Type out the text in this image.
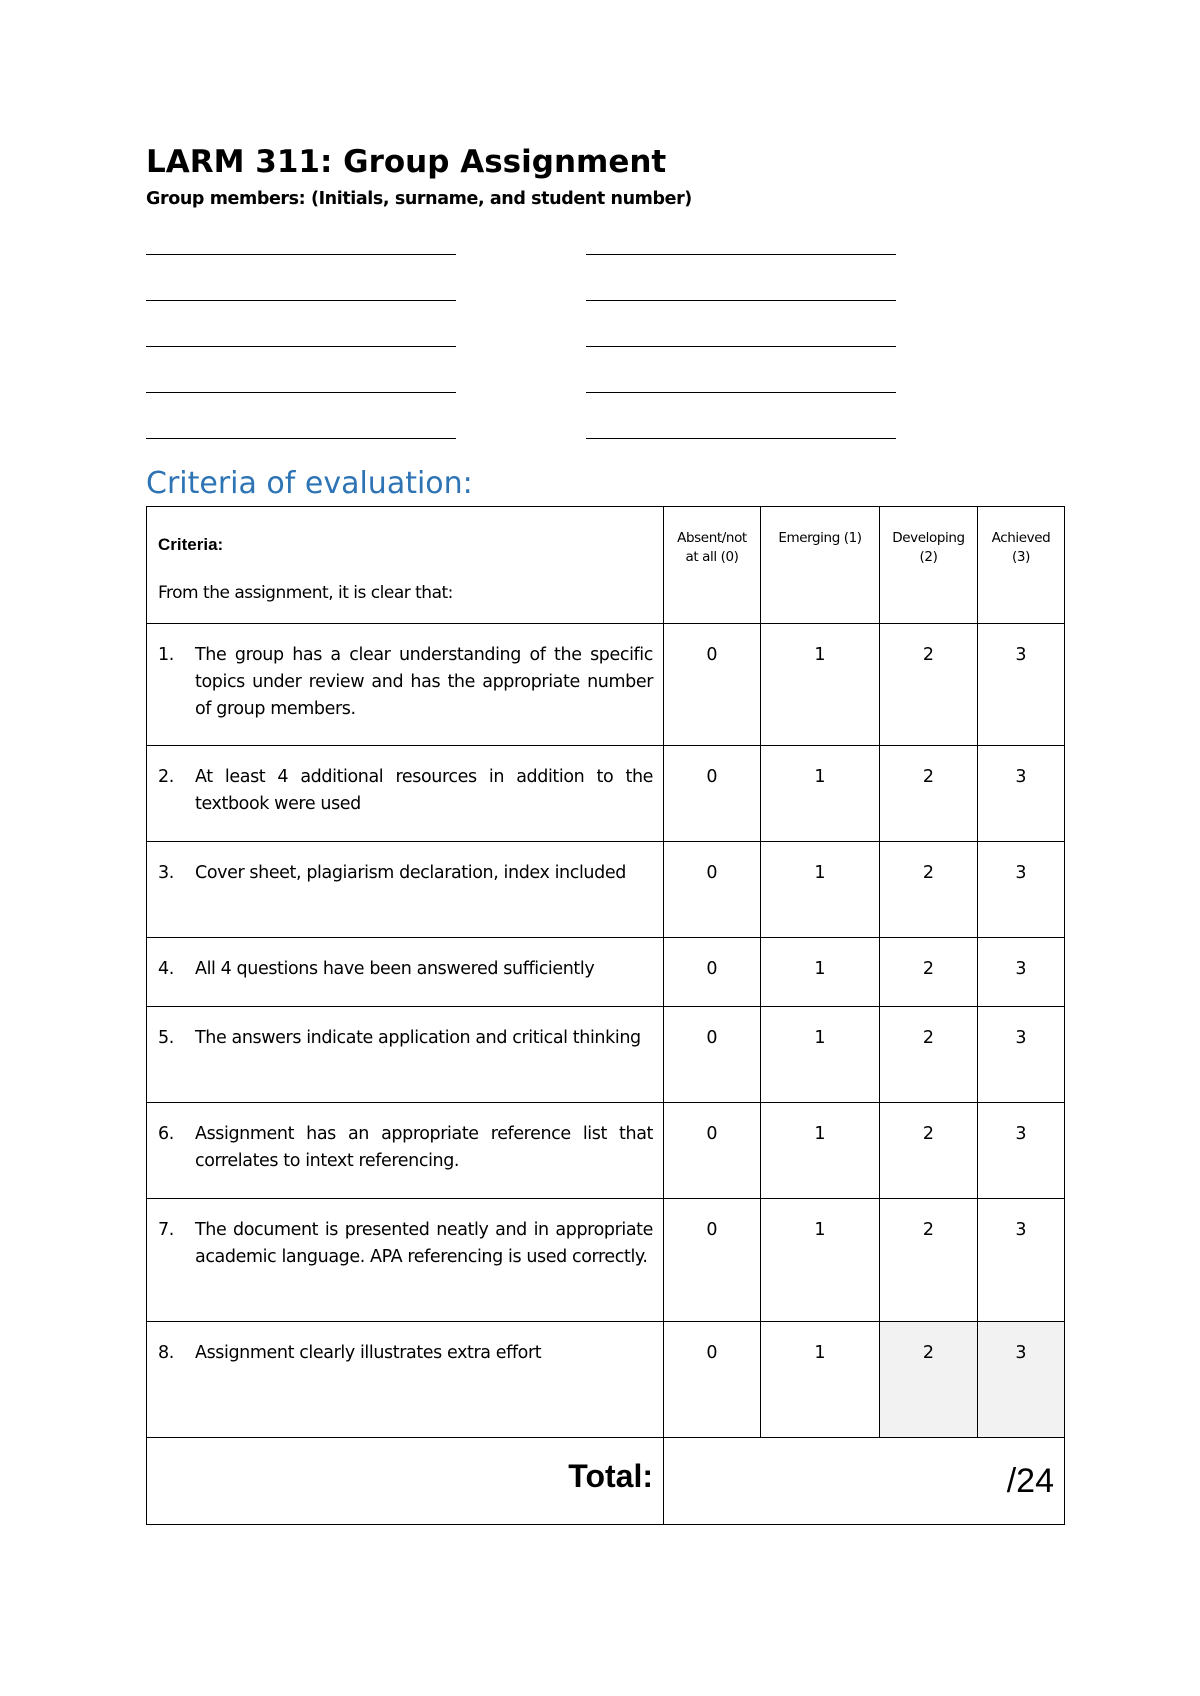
LARM 311: Group Assignment
Group members: (Initials, surname, and student number)
Criteria of evaluation:
Criteria:
From the assignment, it is clear that:	Absent/not at all (0)	Emerging (1)	Developing (2)	Achieved (3)

1. The group has a clear understanding of the specific topics under review and has the appropriate number of group members.	0	1	2	3

2. At least 4 additional resources in addition to the textbook were used	0	1	2	3

3. Cover sheet, plagiarism declaration, index included	0	1	2	3

4. All 4 questions have been answered sufficiently	0	1	2	3

5. The answers indicate application and critical thinking	0	1	2	3

6. Assignment has an appropriate reference list that correlates to intext referencing.	0	1	2	3

7. The document is presented neatly and in appropriate academic language. APA referencing is used correctly.	0	1	2	3

8. Assignment clearly illustrates extra effort	0	1	2	3
Total:	/24			
